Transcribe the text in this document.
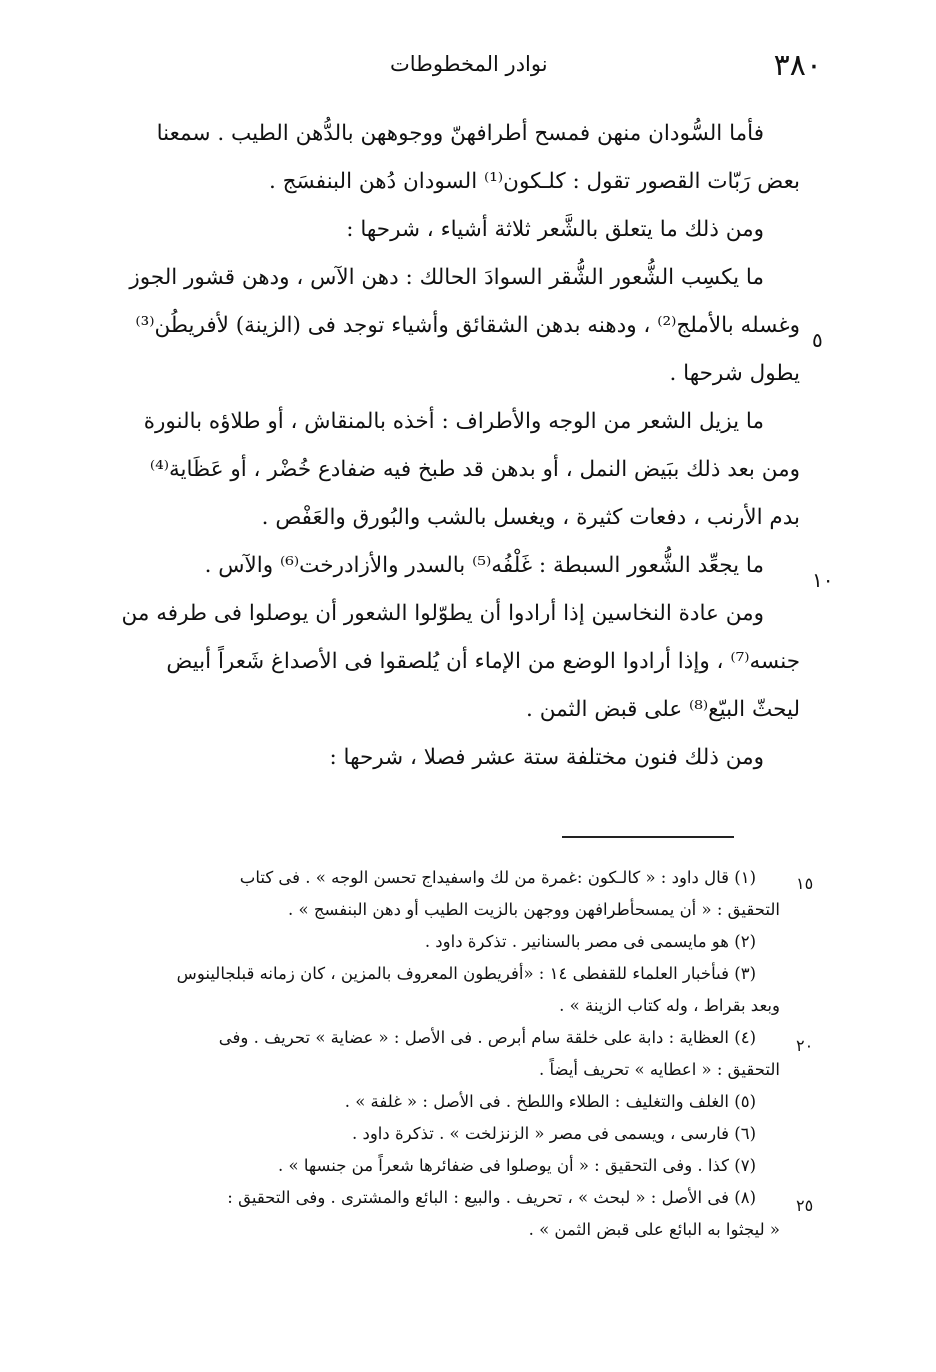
نوادر المخطوطات	٣٨٠

فأما السُّودان منهن فمسح أطرافهنّ ووجوههن بالدُّهن الطيب . سمعنا

بعض رَبّات القصور تقول : كلـكون⁽¹⁾ السودان دُهن البنفسَج .

ومن ذلك ما يتعلق بالشَّعر ثلاثة أشياء ، شرحها :

ما يكسِب الشُّعور الشُّقر السوادَ الحالك : دهن الآس ، ودهن قشور الجوز

وغسله بالأملج⁽²⁾ ، ودهنه بدهن الشقائق وأشياء توجد فى (الزينة) لأفريطُن⁽³⁾

يطول شرحها .

ما يزيل الشعر من الوجه والأطراف : أخذه بالمنقاش ، أو طلاؤه بالنورة

ومن بعد ذلك ببَيض النمل ، أو بدهن قد طبخ فيه ضفادع خُضْر ، أو عَظَاية⁽⁴⁾

بدم الأرنب ، دفعات كثيرة ، ويغسل بالشب والبُورق والعَفْص .

ما يجعِّد الشُّعور السبطة : غَلْفُه⁽⁵⁾ بالسدر والأزادرخت⁽⁶⁾ والآس .

ومن عادة النخاسين إذا أرادوا أن يطوّلوا الشعور أن يوصلوا فى طرفه من

جنسه⁽⁷⁾ ، وإذا أرادوا الوضع من الإماء أن يُلصقوا فى الأصداغ شَعراً أبيض

ليحثّ البيّع⁽⁸⁾ على قبض الثمن .

ومن ذلك فنون مختلفة ستة عشر فصلا ، شرحها :

٥
١٠

(١) قال داود : « كالـكون :غمرة من لك واسفيداج تحسن الوجه » . فى كتاب

التحقيق : « أن يمسحأطرافهن ووجهن بالزيت الطيب أو دهن البنفسج » .

(٢) هو مايسمى فى مصر بالسنانير . تذكرة داود .

(٣) فىأخبار العلماء للقفطى ١٤ : «أفريطون المعروف بالمزين ، كان زمانه قبلجالينوس

وبعد بقراط ، وله كتاب الزينة » .

(٤) العظاية : دابة على خلقة سام أبرص . فى الأصل : « عضاية » تحريف . وفى

التحقيق : « اعطايه » تحريف أيضاً .

(٥) الغلف والتغليف : الطلاء واللطخ . فى الأصل : « غلفة » .

(٦) فارسى ، ويسمى فى مصر « الزنزلخت » . تذكرة داود .

(٧) كذا . وفى التحقيق : « أن يوصلوا فى ضفائرها شعراً من جنسها » .

(٨) فى الأصل : « لبحث » ، تحريف . والبيع : البائع والمشترى . وفى التحقيق :

« ليجثوا به البائع على قبض الثمن » .

١٥
٢٠
٢٥
